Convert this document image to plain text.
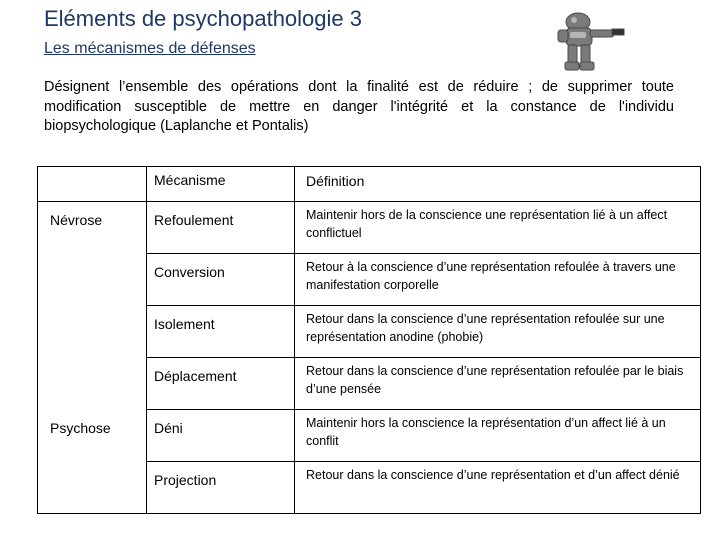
Eléments de psychopathologie 3
Les mécanismes de défenses
Désignent l’ensemble des opérations dont la finalité est de réduire ; de supprimer toute modification susceptible de mettre en danger l'intégrité et la constance de l'individu biopsychologique (Laplanche et Pontalis)
	Mécanisme	Définition
Névrose	Refoulement	Maintenir hors de la conscience une représentation lié à un affect conflictuel
	Conversion	Retour à la conscience d’une représentation refoulée à travers une manifestation corporelle
	Isolement	Retour dans la conscience d’une représentation refoulée sur une représentation anodine (phobie)
	Déplacement	Retour dans la conscience d’une représentation refoulée par le biais d’une pensée
Psychose	Déni	Maintenir hors la conscience la représentation d’un affect lié à un conflit
	Projection	Retour dans la conscience d’une représentation et d’un affect dénié
